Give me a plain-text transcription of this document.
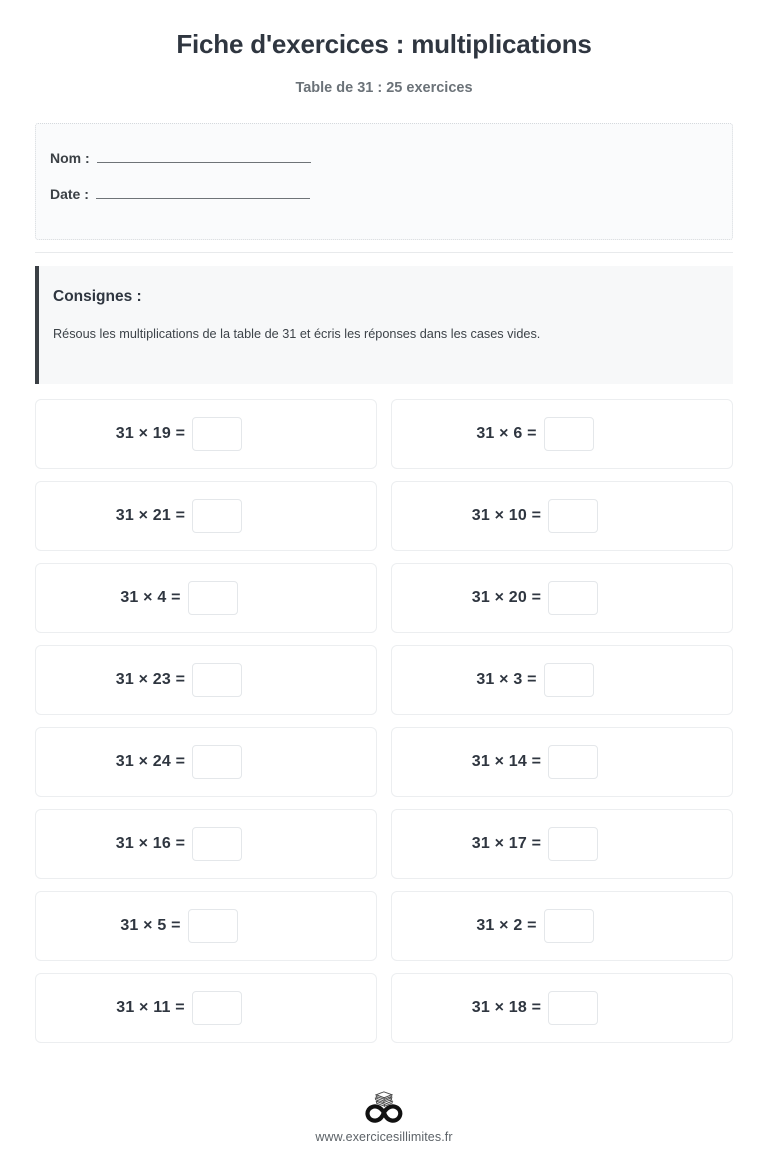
Fiche d'exercices : multiplications

Table de 31 : 25 exercices

Nom :
Date :

Consignes :

Résous les multiplications de la table de 31 et écris les réponses dans les cases vides.

31 × 19 =	31 × 6 =
31 × 21 =	31 × 10 =
31 × 4 =	31 × 20 =
31 × 23 =	31 × 3 =
31 × 24 =	31 × 14 =
31 × 16 =	31 × 17 =
31 × 5 =	31 × 2 =
31 × 11 =	31 × 18 =

www.exercicesillimites.fr
